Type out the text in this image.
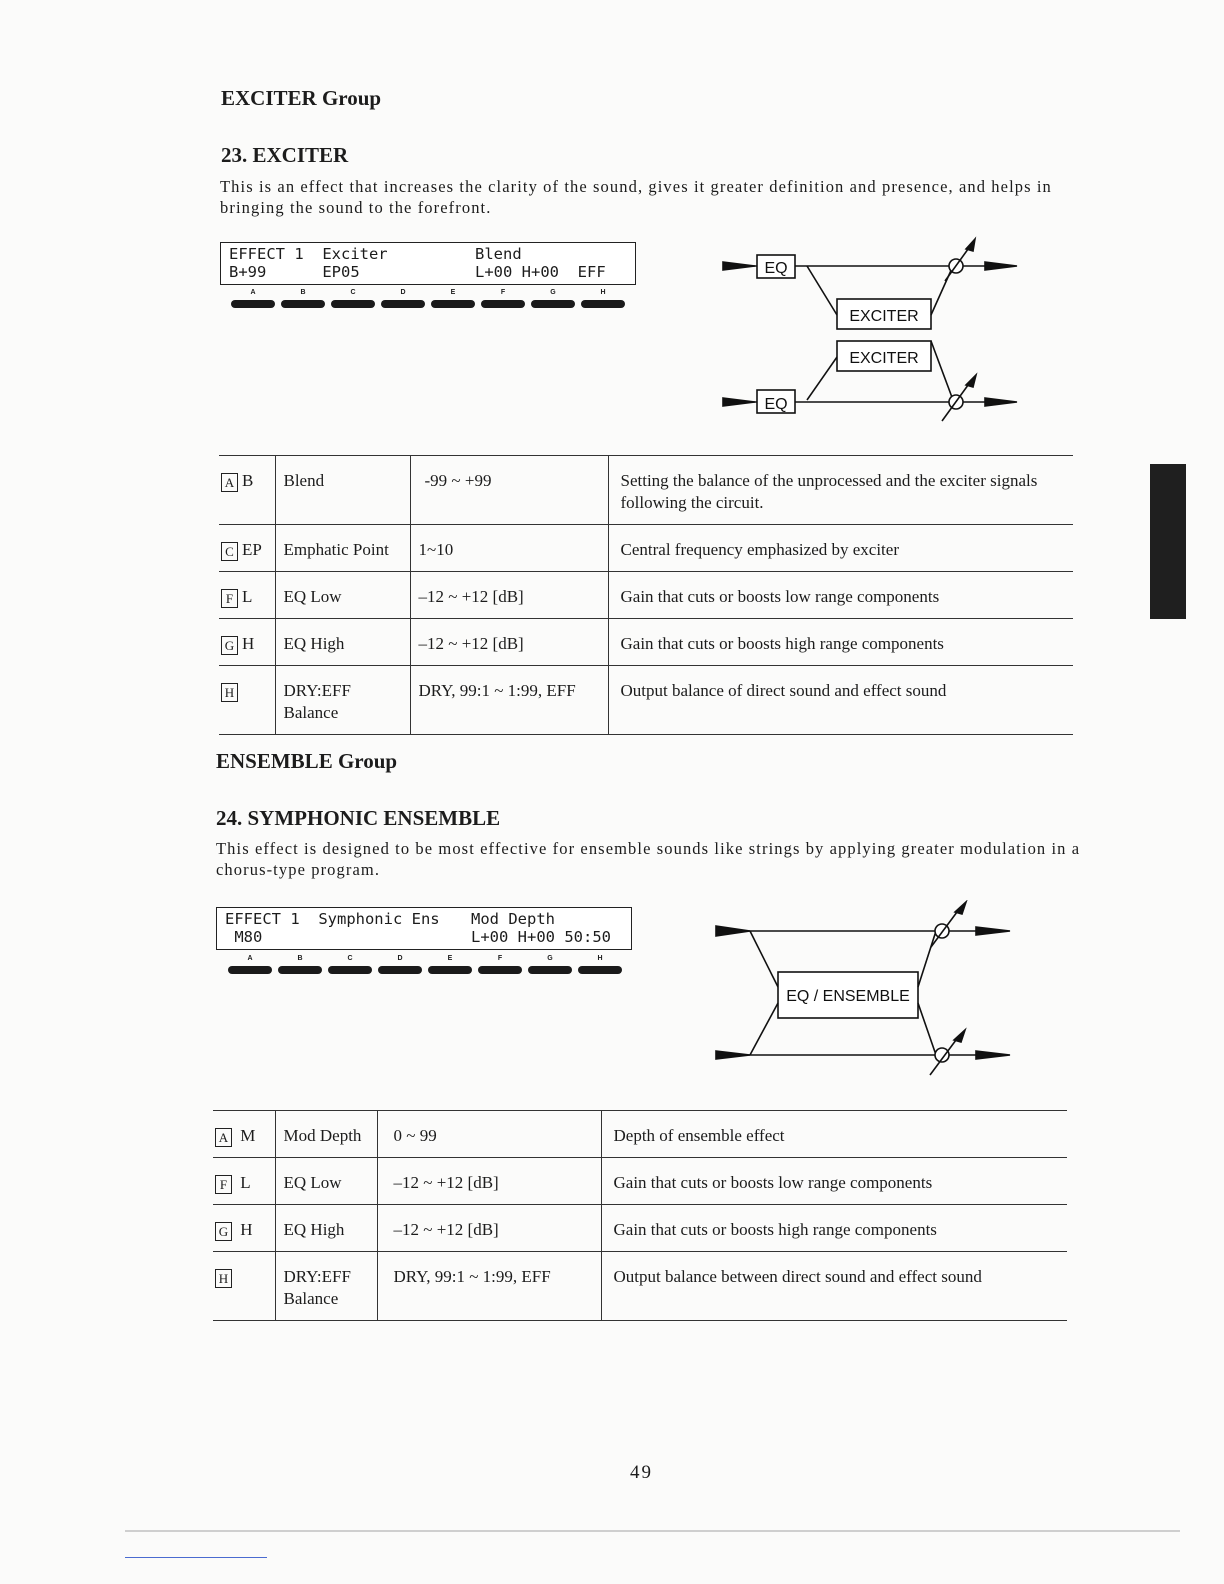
EXCITER Group
23. EXCITER
This is an effect that increases the clarity of the sound, gives it greater definition and presence, and helps in bringing the sound to the forefront.
EFFECT 1  Exciter	Blend
B+99      EP05	L+00 H+00  EFF
A	B	C	D	E	F	G	H
EQ
EXCITER
EXCITER
EQ
A B	Blend	-99 ~ +99	Setting the balance of the unprocessed and the exciter signals following the circuit.
C EP	Emphatic Point	1~10	Central frequency emphasized by exciter
F L	EQ Low	–12 ~ +12 [dB]	Gain that cuts or boosts low range components
G H	EQ High	–12 ~ +12 [dB]	Gain that cuts or boosts high range components
H	DRY:EFF Balance	DRY, 99:1 ~ 1:99, EFF	Output balance of direct sound and effect sound
ENSEMBLE Group
24. SYMPHONIC ENSEMBLE
This effect is designed to be most effective for ensemble sounds like strings by applying greater modulation in a chorus-type program.
EFFECT 1  Symphonic Ens Mod Depth
M80	L+00 H+00 50:50
A	B	C	D	E	F	G	H
EQ / ENSEMBLE
A M	Mod Depth	0 ~ 99	Depth of ensemble effect
F L	EQ Low	–12 ~ +12 [dB]	Gain that cuts or boosts low range components
G H	EQ High	–12 ~ +12 [dB]	Gain that cuts or boosts high range components
H	DRY:EFF Balance	DRY, 99:1 ~ 1:99, EFF	Output balance between direct sound and effect sound
49
